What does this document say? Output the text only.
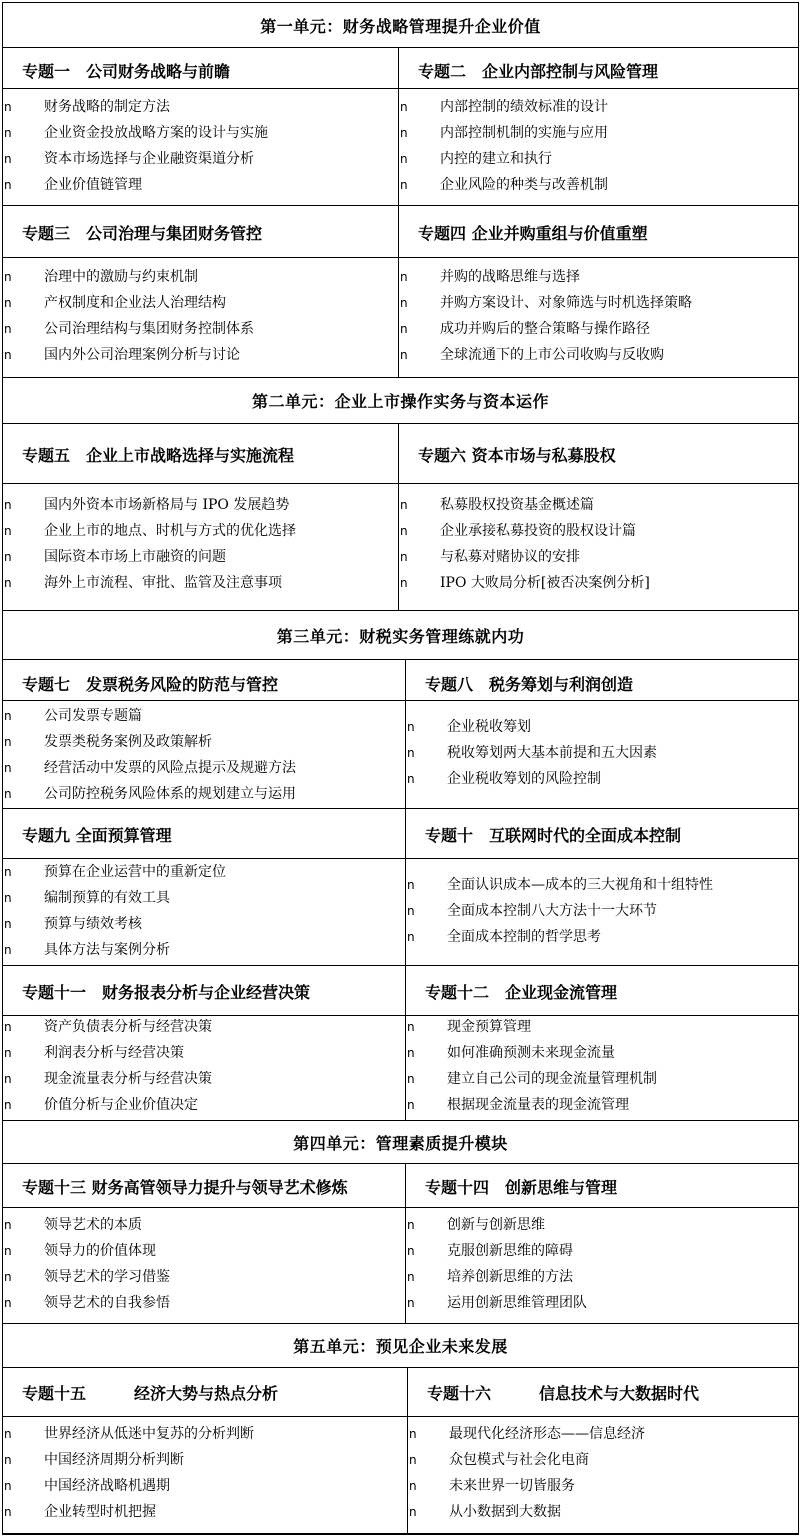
第一单元：财务战略管理提升企业价值
第二单元：企业上市操作实务与资本运作
第三单元：财税实务管理练就内功
第四单元：管理素质提升模块
第五单元：预见企业未来发展
专题一　公司财务战略与前瞻
n 财务战略的制定方法
n 企业资金投放战略方案的设计与实施
n 资本市场选择与企业融资渠道分析
n 企业价值链管理
专题二　企业内部控制与风险管理
n 内部控制的绩效标准的设计
n 内部控制机制的实施与应用
n 内控的建立和执行
n 企业风险的种类与改善机制
专题三　公司治理与集团财务管控
n 治理中的激励与约束机制
n 产权制度和企业法人治理结构
n 公司治理结构与集团财务控制体系
n 国内外公司治理案例分析与讨论
专题四 企业并购重组与价值重塑
n 并购的战略思维与选择
n 并购方案设计、对象筛选与时机选择策略
n 成功并购后的整合策略与操作路径
n 全球流通下的上市公司收购与反收购
专题五　企业上市战略选择与实施流程
n 国内外资本市场新格局与 IPO 发展趋势
n 企业上市的地点、时机与方式的优化选择
n 国际资本市场上市融资的问题
n 海外上市流程、审批、监管及注意事项
专题六 资本市场与私募股权
n 私募股权投资基金概述篇
n 企业承接私募投资的股权设计篇
n 与私募对赌协议的安排
n IPO 大败局分析[被否决案例分析]
专题七　发票税务风险的防范与管控
n 公司发票专题篇
n 发票类税务案例及政策解析
n 经营活动中发票的风险点提示及规避方法
n 公司防控税务风险体系的规划建立与运用
专题八　税务筹划与利润创造
n 企业税收筹划
n 税收筹划两大基本前提和五大因素
n 企业税收筹划的风险控制
专题九 全面预算管理
n 预算在企业运营中的重新定位
n 编制预算的有效工具
n 预算与绩效考核
n 具体方法与案例分析
专题十　互联网时代的全面成本控制
n 全面认识成本—成本的三大视角和十组特性
n 全面成本控制八大方法十一大环节
n 全面成本控制的哲学思考
专题十一　财务报表分析与企业经营决策
n 资产负债表分析与经营决策
n 利润表分析与经营决策
n 现金流量表分析与经营决策
n 价值分析与企业价值决定
专题十二　企业现金流管理
n 现金预算管理
n 如何准确预测未来现金流量
n 建立自己公司的现金流量管理机制
n 根据现金流量表的现金流管理
专题十三 财务高管领导力提升与领导艺术修炼
n 领导艺术的本质
n 领导力的价值体现
n 领导艺术的学习借鉴
n 领导艺术的自我参悟
专题十四　创新思维与管理
n 创新与创新思维
n 克服创新思维的障碍
n 培养创新思维的方法
n 运用创新思维管理团队
专题十五　　　经济大势与热点分析
n 世界经济从低迷中复苏的分析判断
n 中国经济周期分析判断
n 中国经济战略机遇期
n 企业转型时机把握
专题十六　　　信息技术与大数据时代
n 最现代化经济形态——信息经济
n 众包模式与社会化电商
n 未来世界一切皆服务
n 从小数据到大数据
